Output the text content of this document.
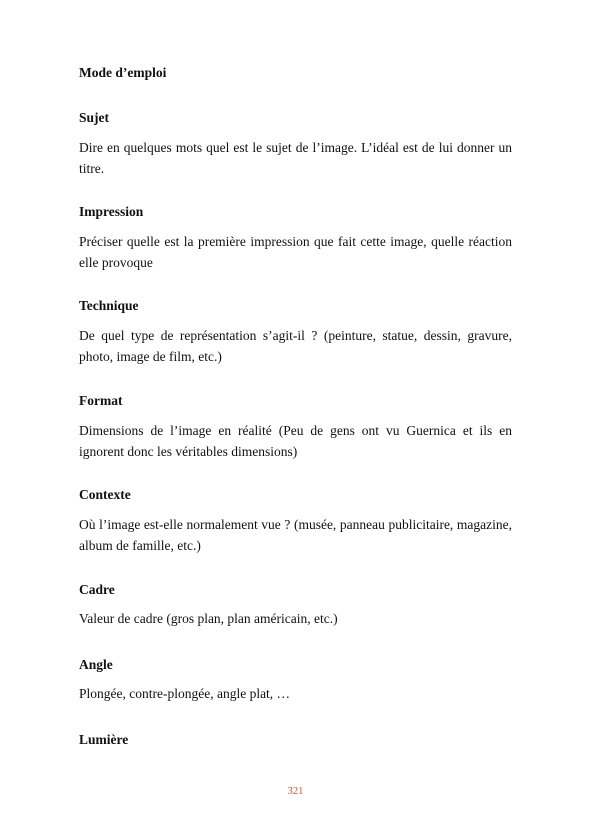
Mode d’emploi

Sujet

Dire en quelques mots quel est le sujet de l’image. L’idéal est de lui donner un titre.

Impression

Préciser quelle est la première impression que fait cette image, quelle réaction elle provoque

Technique

De quel type de représentation s’agit-il ? (peinture, statue, dessin, gravure, photo, image de film, etc.)

Format

Dimensions de l’image en réalité (Peu de gens ont vu Guernica et ils en ignorent donc les véritables dimensions)

Contexte

Où l’image est-elle normalement vue ? (musée, panneau publicitaire, magazine, album de famille, etc.)

Cadre

Valeur de cadre (gros plan, plan américain, etc.)

Angle

Plongée, contre-plongée, angle plat, …

Lumière

321
